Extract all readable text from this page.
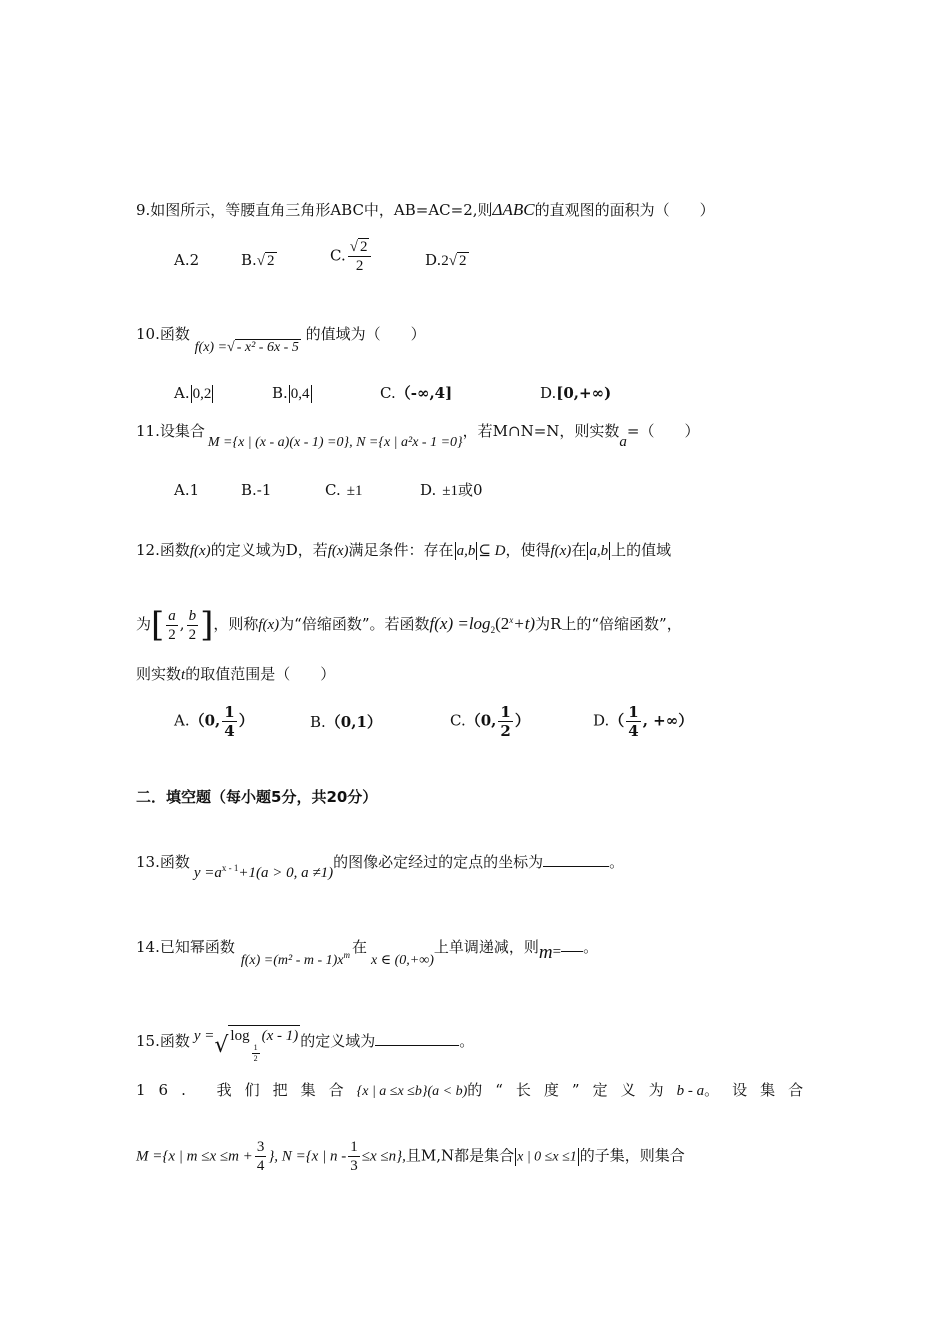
9.如图所示，等腰直角三角形ABC中，AB=AC=2,则ΔABC的直观图的面积为（　　）
A.2	B.√ 2	C. $\frac{√ 2}{2}$	D.2√ 2
10.函数 f(x) =√ - x² - 6x - 5 的值域为（　　）
A. 0,2	B. 0,4	C.（-∞,4]	D.[0,+∞)
11.设集合M ={x | (x - a)(x - 1) =0}, N ={x | a²x - 1 =0}，若M∩N=N，则实数a=（　　）
A.1	B.-1	C. ±1	D. ±1或0
12.函数f(x)的定义域为D，若f(x)满足条件：存在 a,b ⊆ D，使得f(x)在 a,b 上的值域
为[ $\frac{a}{2}$ , $\frac{b}{2}$ ]，则称f(x)为“倍缩函数”。若函数$f(x) =\log_2(2^x+t)$为R上的“倍缩函数”，
则实数t的取值范围是（　　）
A.（0, $\frac{1}{4}$ ）	B.（0,1）	C.（0, $\frac{1}{2}$ ）	$D.( \frac{1}{4}$ , +∞）
二．填空题（每小题5分，共20分）
13.函数$y =a^{x - 1}+1(a > 0$, a ≠1)的图像必定经过的定点的坐标为	。
14.已知幂函数$f(x) =(m^2 - m - 1)x^m$ 在x ∈ (0,+∞)上单调递减，则m= 。
15.函数 y =√ log
$\frac{1}{2}$
(x - 1) 的定义域为	。
16. 我们把集合{x | a ≤x ≤b}(a < b)的“长度”定义为b - a。设集合
M ={x | $m \le x \le m + \frac{3}{4}$ }, N ={x | $n - \frac{1}{3} \le x \le n$},且M,N都是集合 x | 0 ≤x ≤1 的子集，则集合
